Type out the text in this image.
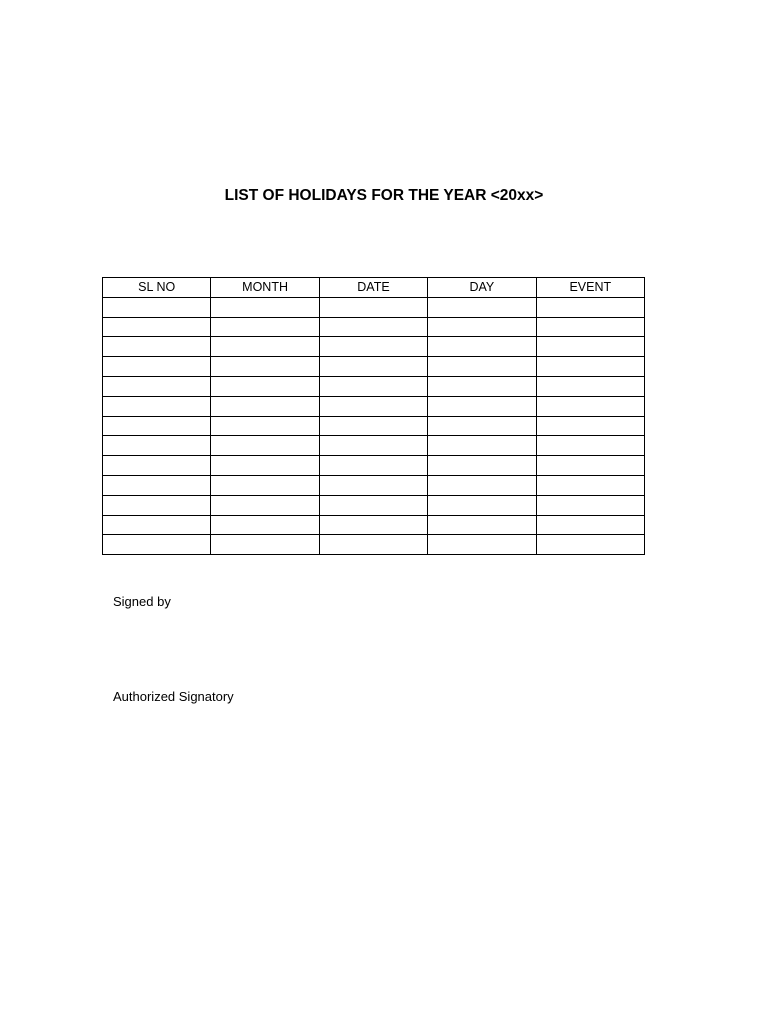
LIST OF HOLIDAYS FOR THE YEAR <20xx>
SL NO	MONTH	DATE	DAY	EVENT

Signed by

Authorized Signatory
